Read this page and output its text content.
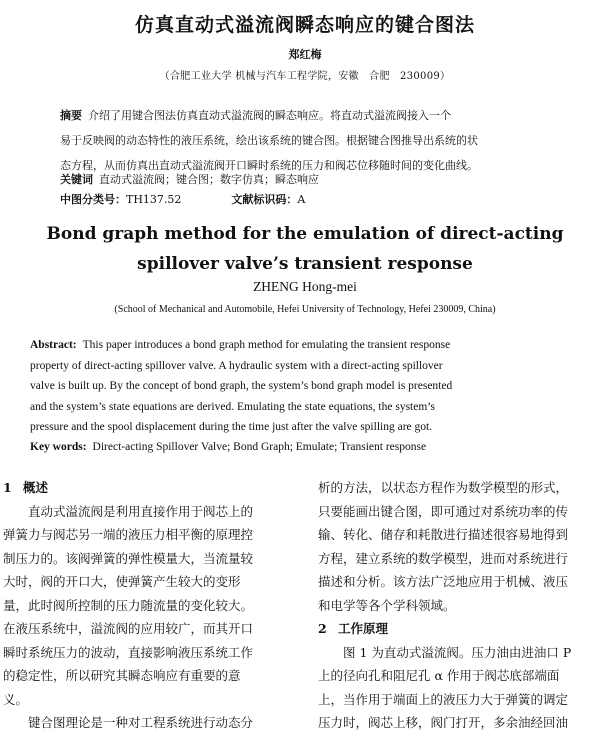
仿真直动式溢流阀瞬态响应的键合图法
郑红梅
（合肥工业大学 机械与汽车工程学院，安徽　合肥　230009）
摘要 介绍了用键合图法仿真直动式溢流阀的瞬态响应。将直动式溢流阀接入一个
易于反映阀的动态特性的液压系统，绘出该系统的键合图。根据键合图推导出系统的状
态方程，从而仿真出直动式溢流阀开口瞬时系统的压力和阀芯位移随时间的变化曲线。
关键词 直动式溢流阀；键合图；数字仿真；瞬态响应
中图分类号：TH137.52	文献标识码：A
Bond graph method for the emulation of direct-acting
spillover valve’s transient response
ZHENG Hong-mei
(School of Mechanical and Automobile, Hefei University of Technology, Hefei 230009, China)
Abstract: This paper introduces a bond graph method for emulating the transient response
property of direct-acting spillover valve. A hydraulic system with a direct-acting spillover
valve is built up. By the concept of bond graph, the system’s bond graph model is presented
and the system’s state equations are derived. Emulating the state equations, the system’s
pressure and the spool displacement during the time just after the valve spilling are got.
Key words: Direct-acting Spillover Valve; Bond Graph; Emulate; Transient response
1 概述

直动式溢流阀是利用直接作用于阀芯上的

弹簧力与阀芯另一端的液压力相平衡的原理控
制压力的。该阀弹簧的弹性模量大，当流量较
大时，阀的开口大，使弹簧产生较大的变形
量，此时阀所控制的压力随流量的变化较大。
在液压系统中，溢流阀的应用较广，而其开口
瞬时系统压力的波动，直接影响液压系统工作
的稳定性，所以研究其瞬态响应有重要的意
义。

键合图理论是一种对工程系统进行动态分

析的方法，以状态方程作为数学模型的形式，
只要能画出键合图，即可通过对系统功率的传
输、转化、储存和耗散进行描述很容易地得到
方程，建立系统的数学模型，进而对系统进行
描述和分析。该方法广泛地应用于机械、液压
和电学等各个学科领域。
2 工作原理

图 1 为直动式溢流阀。压力油由进油口 P

上的径向孔和阻尼孔 α 作用于阀芯底部端面
上，当作用于端面上的液压力大于弹簧的调定
压力时，阀芯上移，阀门打开，多余油经回油
